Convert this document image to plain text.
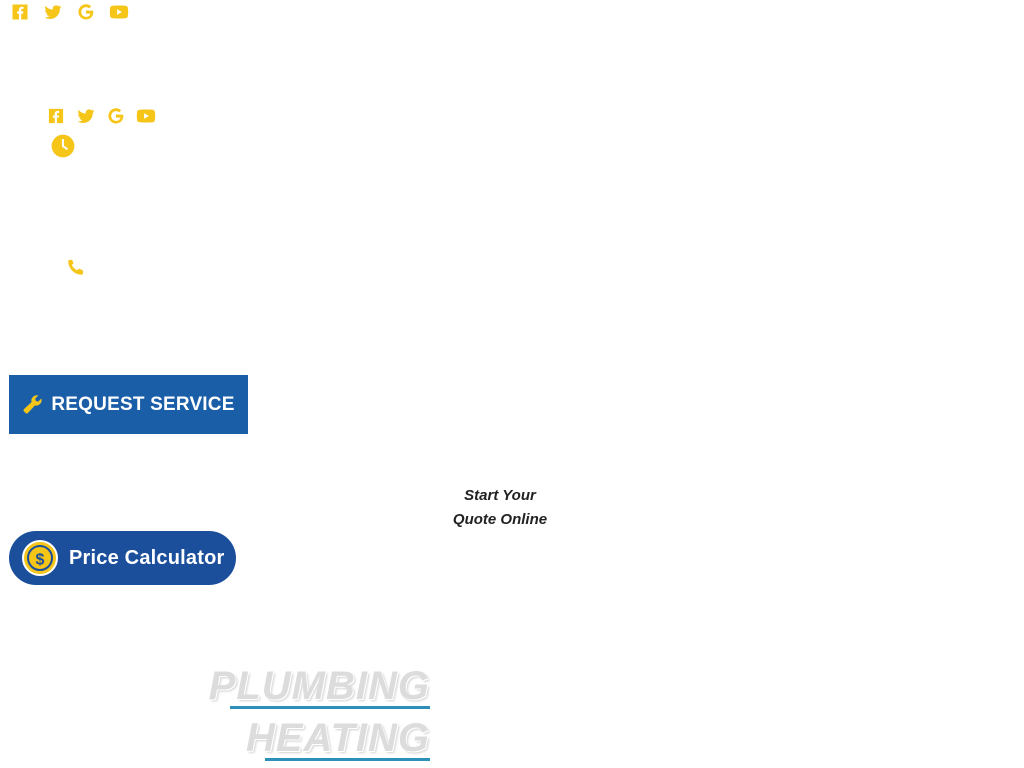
REQUEST SERVICE
Start Your
Quote Online
$ Price Calculator
PLUMBING
HEATING
